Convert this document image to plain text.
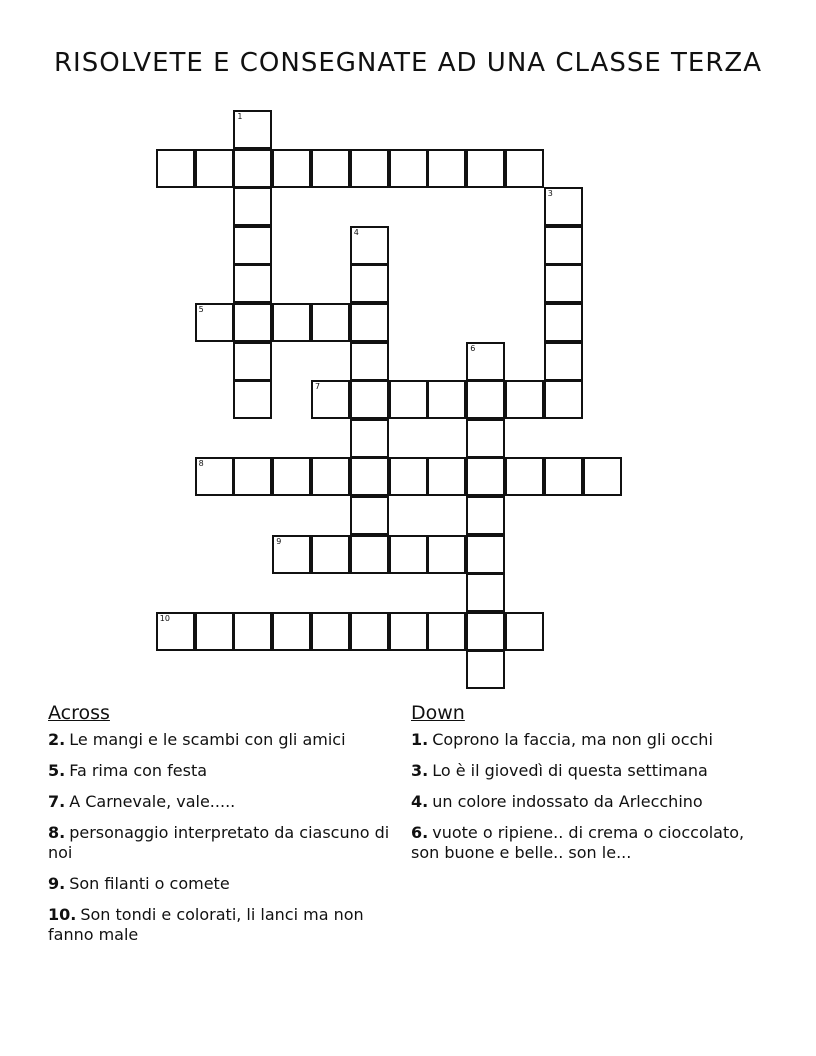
RISOLVETE E CONSEGNATE AD UNA CLASSE TERZA
1
3
4
5
6
7
8
9
10
Across
2. Le mangi e le scambi con gli amici
5. Fa rima con festa
7. A Carnevale, vale.....
8. personaggio interpretato da ciascuno di noi
9. Son filanti o comete
10. Son tondi e colorati, li lanci ma non fanno male
Down
1. Coprono la faccia, ma non gli occhi
3. Lo è il giovedì di questa settimana
4. un colore indossato da Arlecchino
6. vuote o ripiene.. di crema o cioccolato, son buone e belle.. son le...
